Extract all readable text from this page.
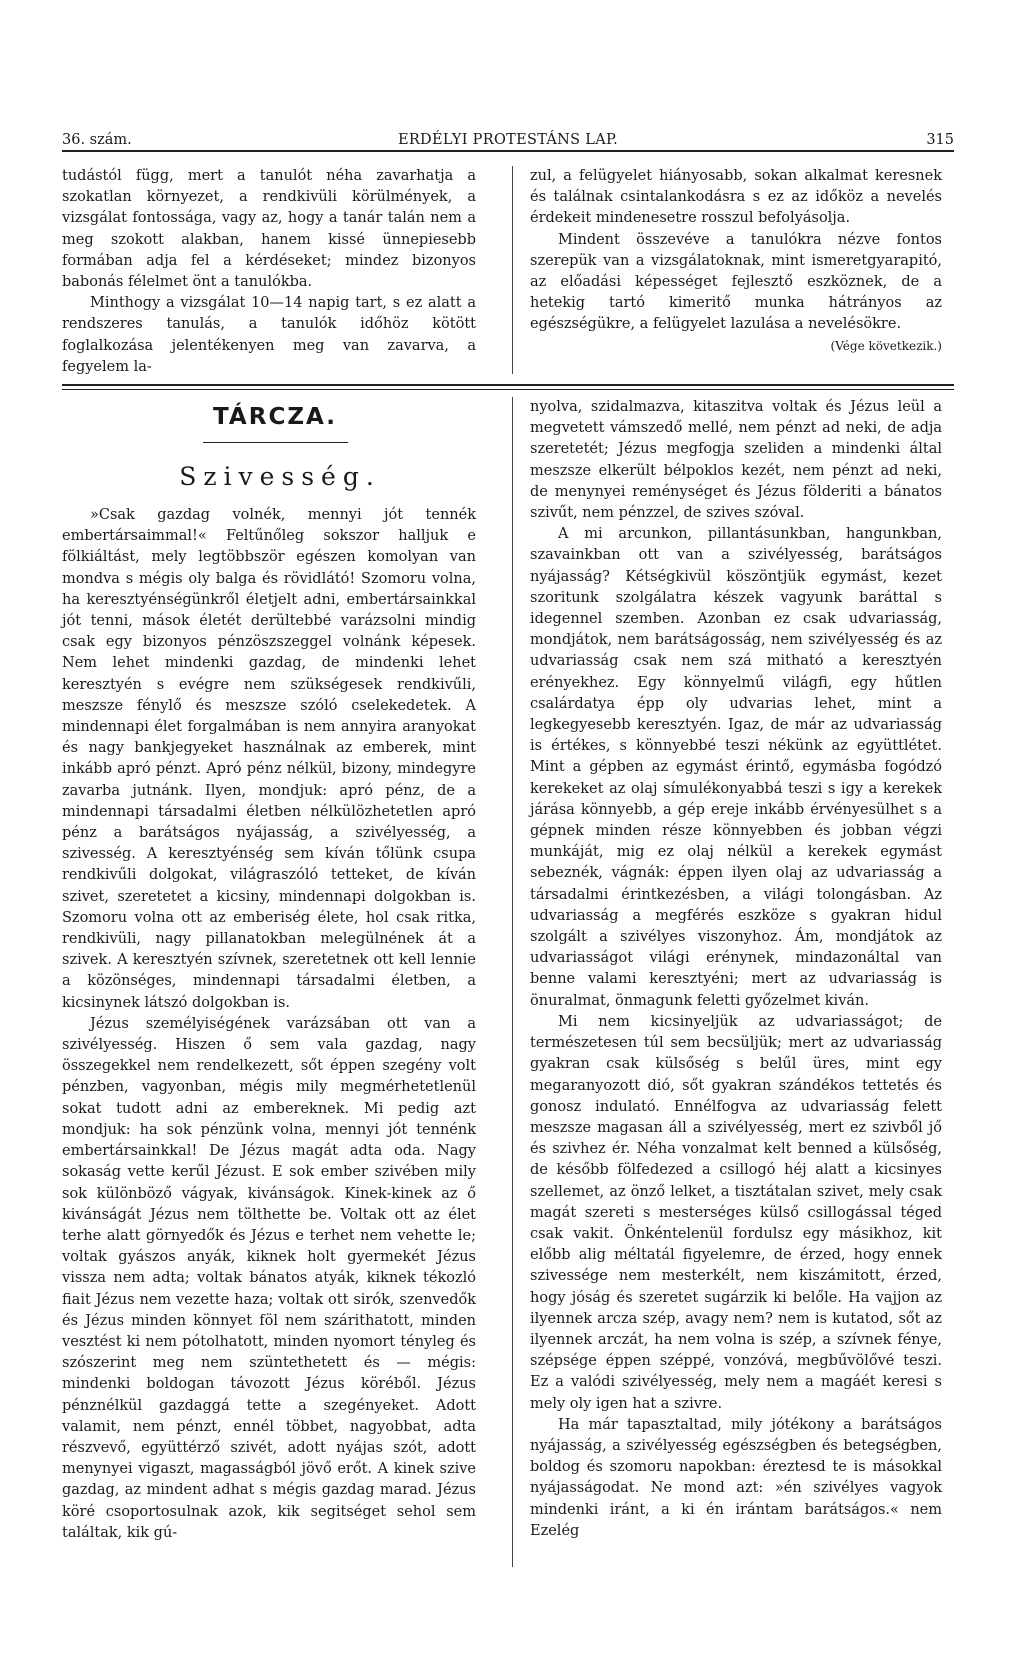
36. szám.	ERDÉLYI PROTESTÁNS LAP.	315

tudástól függ, mert a tanulót néha zavarhatja a szokatlan környezet, a rendkivüli körülmények, a vizsgálat fontossága, vagy az, hogy a tanár talán nem a meg szokott alakban, hanem kissé ünnepiesebb formában adja fel a kérdéseket; mindez bizonyos babonás félelmet önt a tanulókba.

Minthogy a vizsgálat 10—14 napig tart, s ez alatt a rendszeres tanulás, a tanulók időhöz kötött foglalkozása jelentékenyen meg van zavarva, a fegyelem la-

zul, a felügyelet hiányosabb, sokan alkalmat keresnek és találnak csintalankodásra s ez az időköz a nevelés érdekeit mindenesetre rosszul befolyásolja.

Mindent összevéve a tanulókra nézve fontos szerepük van a vizsgálatoknak, mint ismeretgyarapitó, az előadási képességet fejlesztő eszköznek, de a hetekig tartó kimeritő munka hátrányos az egészségükre, a felügyelet lazulása a nevelésökre.

(Vége következik.)

TÁRCZA.
Szivesség.

»Csak gazdag volnék, mennyi jót tennék embertársaimmal!« Feltűnőleg sokszor halljuk e fölkiáltást, mely legtöbbször egészen komolyan van mondva s mégis oly balga és rövidlátó! Szomoru volna, ha keresztyénségünkről életjelt adni, embertársainkkal jót tenni, mások életét derültebbé varázsolni mindig csak egy bizonyos pénzöszszeggel volnánk képesek. Nem lehet mindenki gazdag, de mindenki lehet keresztyén s evégre nem szükségesek rendkivűli, meszsze fénylő és meszsze szóló cselekedetek. A mindennapi élet forgalmában is nem annyira aranyokat és nagy bankjegyeket használnak az emberek, mint inkább apró pénzt. Apró pénz nélkül, bizony, mindegyre zavarba jutnánk. Ilyen, mondjuk: apró pénz, de a mindennapi társadalmi életben nélkülözhetetlen apró pénz a barátságos nyájasság, a szivélyesség, a szivesség. A keresztyénség sem kíván tőlünk csupa rendkivűli dolgokat, világraszóló tetteket, de kíván szivet, szeretetet a kicsiny, mindennapi dolgokban is. Szomoru volna ott az emberiség élete, hol csak ritka, rendkivüli, nagy pillanatokban melegülnének át a szivek. A keresztyén szívnek, szeretetnek ott kell lennie a közönséges, mindennapi társadalmi életben, a kicsinynek látszó dolgokban is.

Jézus személyiségének varázsában ott van a szivélyesség. Hiszen ő sem vala gazdag, nagy összegekkel nem rendelkezett, sőt éppen szegény volt pénzben, vagyonban, mégis mily megmérhetetlenül sokat tudott adni az embereknek. Mi pedig azt mondjuk: ha sok pénzünk volna, mennyi jót tennénk embertársainkkal! De Jézus magát adta oda. Nagy sokaság vette kerűl Jézust. E sok ember szivében mily sok különböző vágyak, kivánságok. Kinek-kinek az ő kivánságát Jézus nem tölthette be. Voltak ott az élet terhe alatt görnyedők és Jézus e terhet nem vehette le; voltak gyászos anyák, kiknek holt gyermekét Jézus vissza nem adta; voltak bánatos atyák, kiknek tékozló fiait Jézus nem vezette haza; voltak ott sirók, szenvedők és Jézus minden könnyet föl nem szárithatott, minden vesztést ki nem pótolhatott, minden nyomort tényleg és szószerint meg nem szüntethetett és — mégis: mindenki boldogan távozott Jézus köréből. Jézus pénznélkül gazdaggá tette a szegényeket. Adott valamit, nem pénzt, ennél többet, nagyobbat, adta részvevő, együttérző szivét, adott nyájas szót, adott menynyei vigaszt, magasságból jövő erőt. A kinek szive gazdag, az mindent adhat s mégis gazdag marad. Jézus köré csoportosulnak azok, kik segitséget sehol sem találtak, kik gú-

nyolva, szidalmazva, kitaszitva voltak és Jézus leül a megvetett vámszedő mellé, nem pénzt ad neki, de adja szeretetét; Jézus megfogja szeliden a mindenki által meszsze elkerült bélpoklos kezét, nem pénzt ad neki, de menynyei reménységet és Jézus földeriti a bánatos szivűt, nem pénzzel, de szives szóval.

A mi arcunkon, pillantásunkban, hangunkban, szavainkban ott van a szivélyesség, barátságos nyájasság? Kétségkivül köszöntjük egymást, kezet szoritunk szolgálatra készek vagyunk baráttal s idegennel szemben. Azonban ez csak udvariasság, mondjátok, nem barátságosság, nem szivélyesség és az udvariasság csak nem szá mitható a keresztyén erényekhez. Egy könnyelmű világfi, egy hűtlen csalárdatya épp oly udvarias lehet, mint a legkegyesebb keresztyén. Igaz, de már az udvariasság is értékes, s könnyebbé teszi nékünk az együttlétet. Mint a gépben az egymást érintő, egymásba fogódzó kerekeket az olaj símulékonyabbá teszi s igy a kerekek járása könnyebb, a gép ereje inkább érvényesülhet s a gépnek minden része könnyebben és jobban végzi munkáját, mig ez olaj nélkül a kerekek egymást sebeznék, vágnák: éppen ilyen olaj az udvariasság a társadalmi érintkezésben, a világi tolongásban. Az udvariasság a megférés eszköze s gyakran hidul szolgált a szivélyes viszonyhoz. Ám, mondjátok az udvariasságot világi erénynek, mindazonáltal van benne valami keresztyéni; mert az udvariasság is önuralmat, önmagunk feletti győzelmet kiván.

Mi nem kicsinyeljük az udvariasságot; de természetesen túl sem becsüljük; mert az udvariasság gyakran csak külsőség s belűl üres, mint egy megaranyozott dió, sőt gyakran szándékos tettetés és gonosz indulató. Ennélfogva az udvariasság felett meszsze magasan áll a szivélyesség, mert ez szivből jő és szivhez ér. Néha vonzalmat kelt benned a külsőség, de később fölfedezed a csillogó héj alatt a kicsinyes szellemet, az önző lelket, a tisztátalan szivet, mely csak magát szereti s mesterséges külső csillogással téged csak vakit. Önkéntelenül fordulsz egy másikhoz, kit előbb alig méltatál figyelemre, de érzed, hogy ennek szivessége nem mesterkélt, nem kiszámitott, érzed, hogy jóság és szeretet sugárzik ki belőle. Ha vajjon az ilyennek arcza szép, avagy nem? nem is kutatod, sőt az ilyennek arczát, ha nem volna is szép, a szívnek fénye, szépsége éppen széppé, vonzóvá, megbűvölővé teszi. Ez a valódi szivélyesség, mely nem a magáét keresi s mely oly igen hat a szivre.

Ha már tapasztaltad, mily jótékony a barátságos nyájasság, a szivélyesség egészségben és betegségben, boldog és szomoru napokban: éreztesd te is másokkal nyájasságodat. Ne mond azt: »én szivélyes vagyok mindenki iránt, a ki én irántam barátságos.« nem Ezelég
